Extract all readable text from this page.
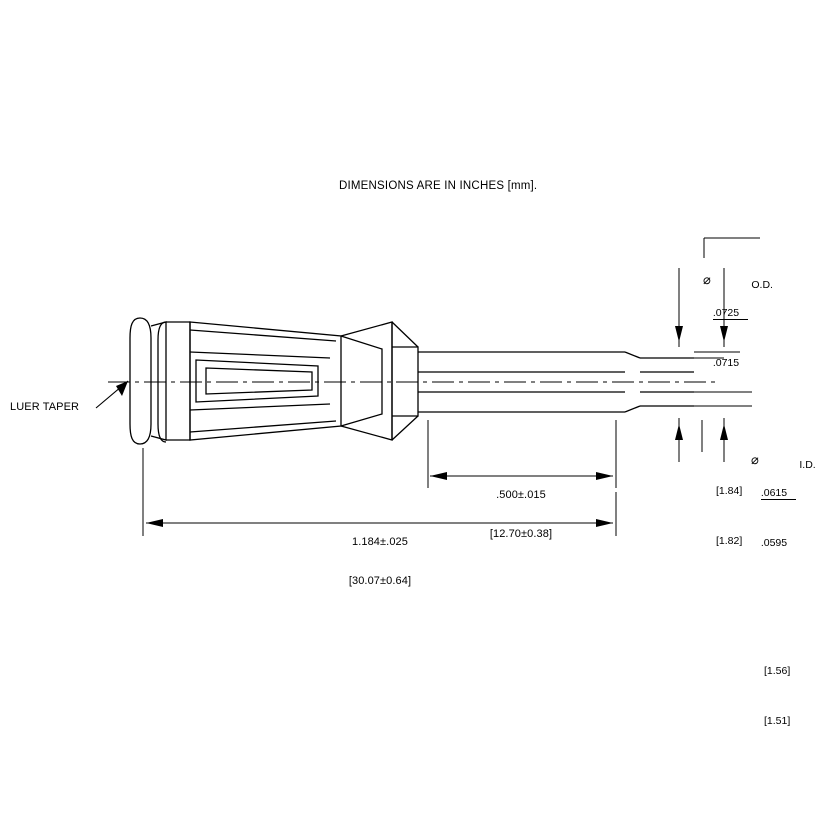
DIMENSIONS ARE IN INCHES [mm].
LUER TAPER

⌀

.0725

.0715

O.D.

[1.84]

[1.82]

⌀

.0615

.0595

I.D.

[1.56]

[1.51]

.500±.015

[12.70±0.38]

1.184±.025

[30.07±0.64]
